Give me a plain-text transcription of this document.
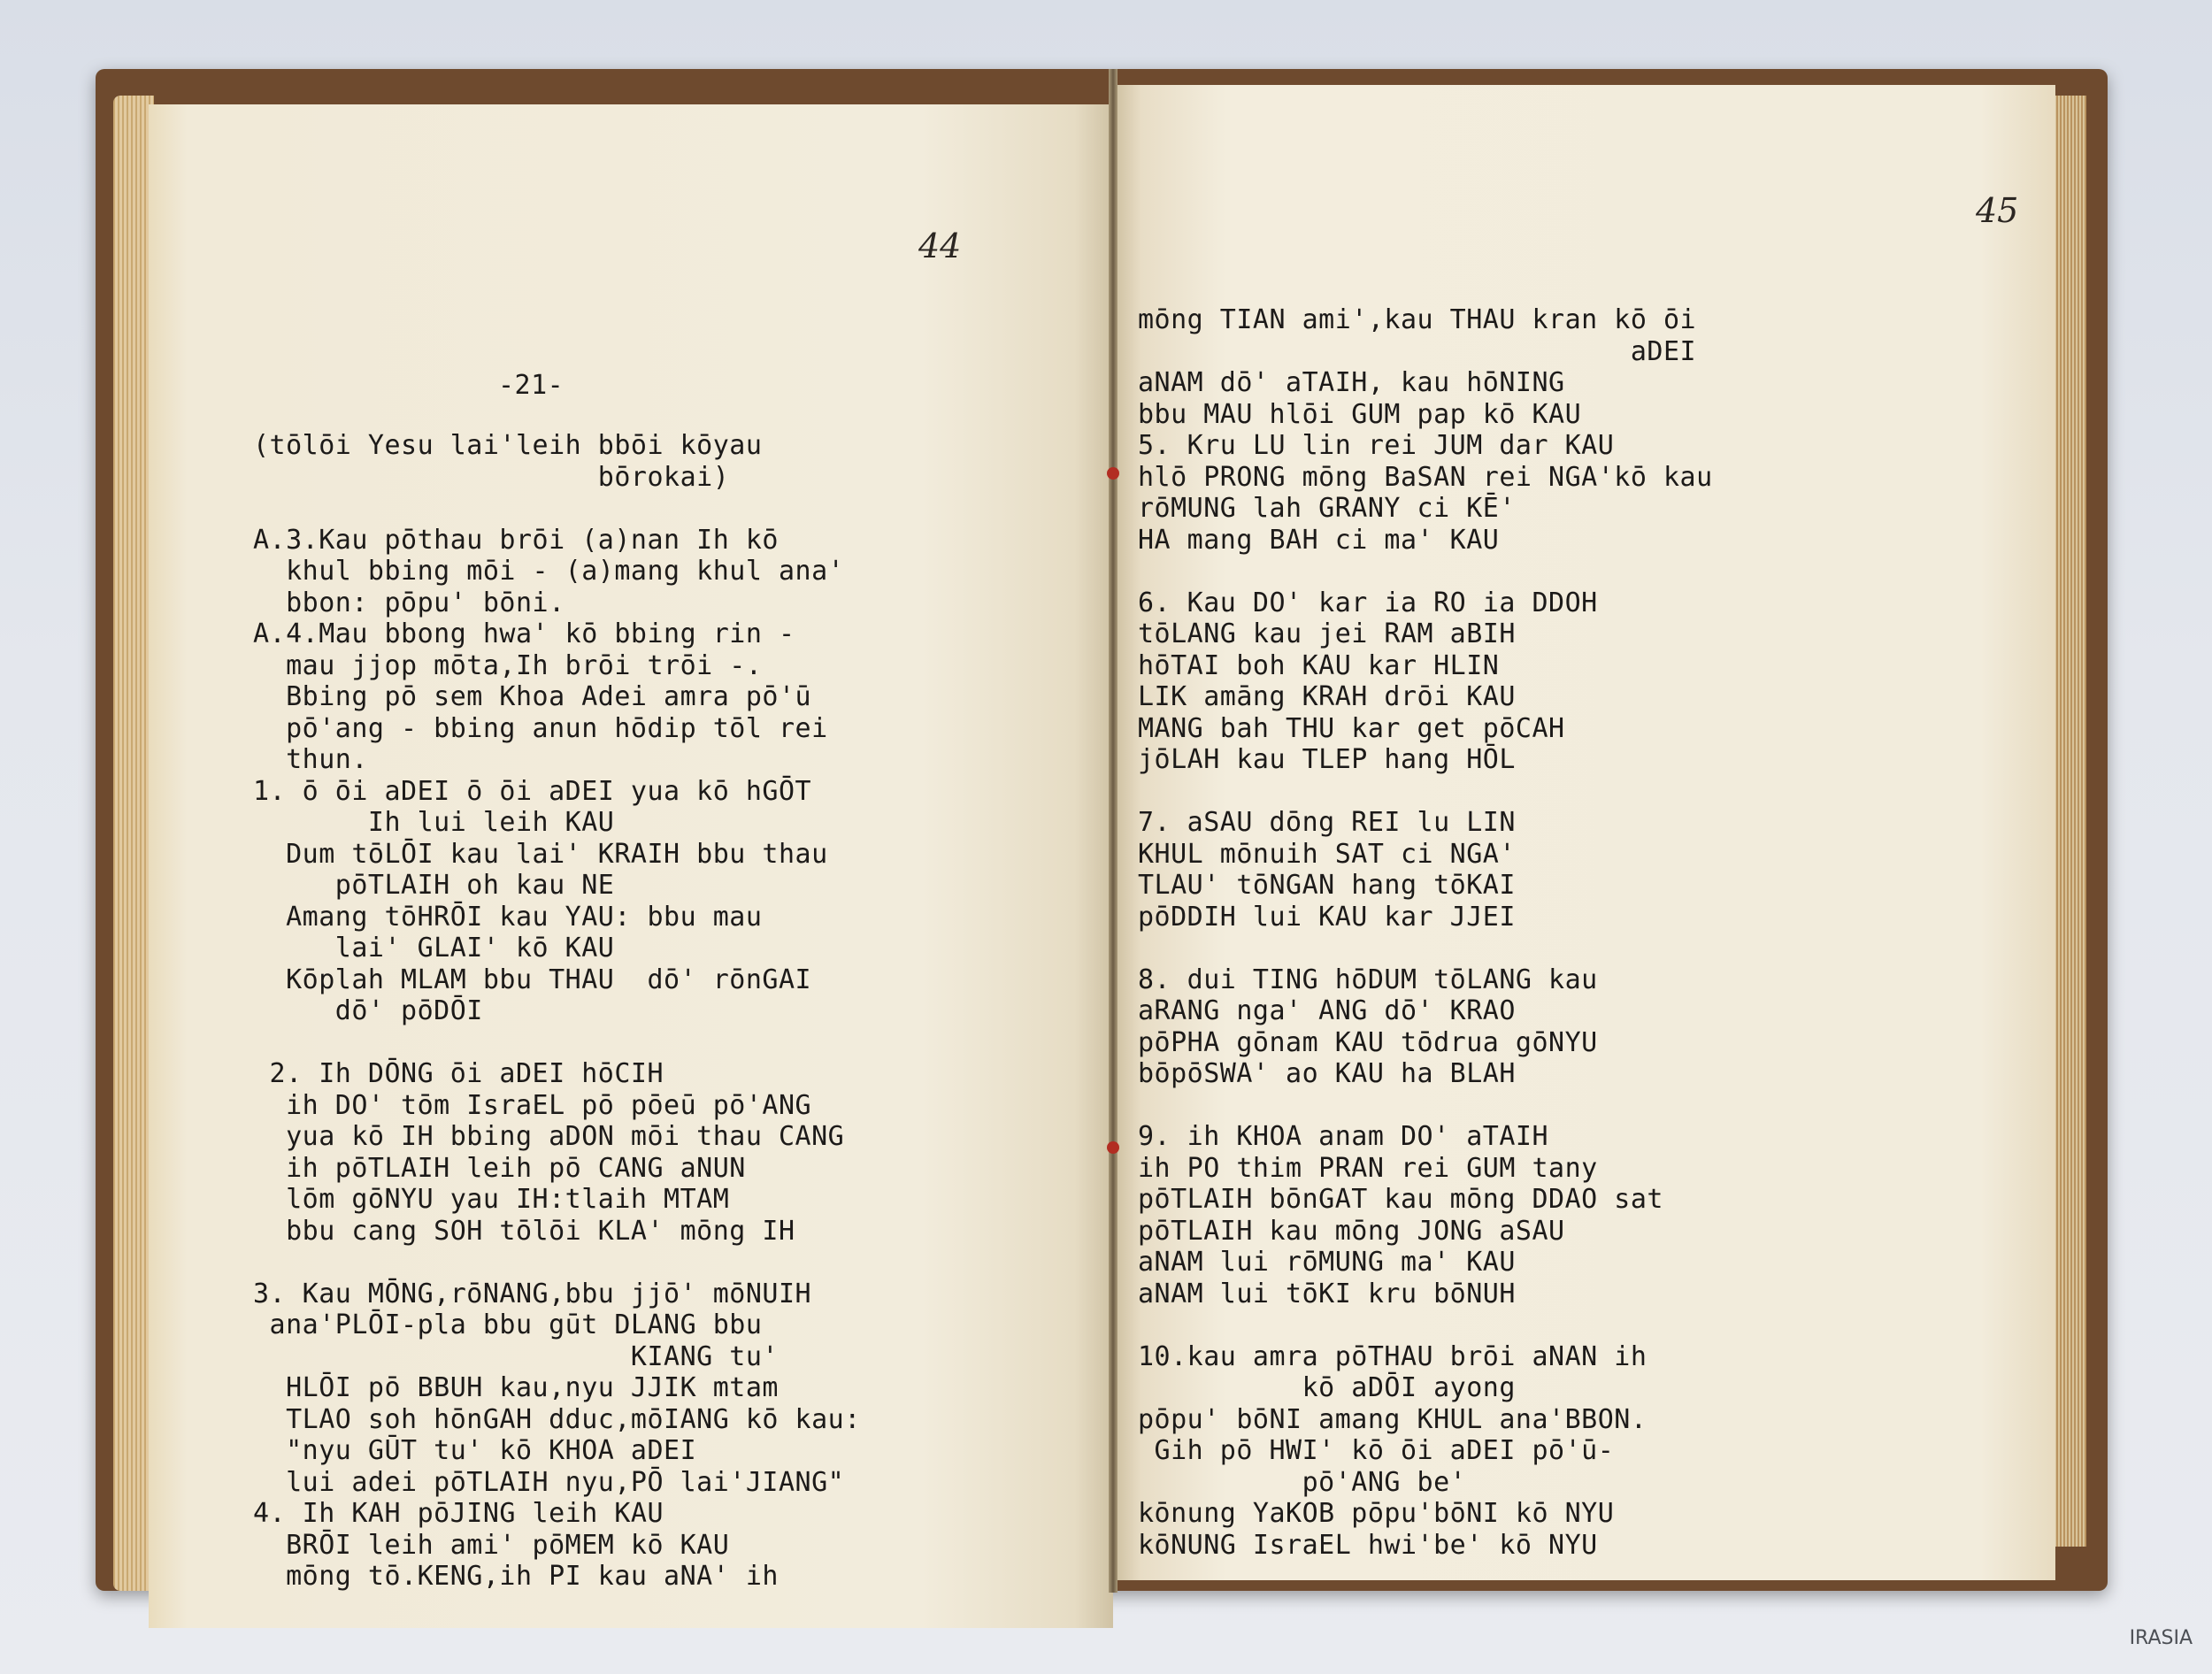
44
-21-
(tōlōi Yesu lai'leih bbōi kōyau
bōrokai)

A.3.Kau pōthau brōi (a)nan Ih kō
khul bbing mōi - (a)mang khul ana'
bbon: pōpu' bōni.
A.4.Mau bbong hwa' kō bbing rin -
mau jjop mōta,Ih brōi trōi -.
Bbing pō sem Khoa Adei amra pō'ū
pō'ang - bbing anun hōdip tōl rei
thun.
1. ō ōi aDEI ō ōi aDEI yua kō hGŌT
Ih lui leih KAU
Dum tōLŌI kau lai' KRAIH bbu thau
pōTLAIH oh kau NE
Amang tōHRŌI kau YAU: bbu mau
lai' GLAI' kō KAU
Kōplah MLAM bbu THAU  dō' rōnGAI
dō' pōDŌI

2. Ih DŌNG ōi aDEI hōCIH
ih DO' tōm IsraEL pō pōeū pō'ANG
yua kō IH bbing aDON mōi thau CANG
ih pōTLAIH leih pō CANG aNUN
lōm gōNYU yau IH:tlaih MTAM
bbu cang SOH tōlōi KLA' mōng IH

3. Kau MŌNG,rōNANG,bbu jjō' mōNUIH
ana'PLŌI-pla bbu gūt DLANG bbu
KIANG tu'
HLŌI pō BBUH kau,nyu JJIK mtam
TLAO soh hōnGAH dduc,mōIANG kō kau:
"nyu GŪT tu' kō KHOA aDEI
lui adei pōTLAIH nyu,PŌ lai'JIANG"
4. Ih KAH pōJING leih KAU
BRŌI leih ami' pōMEM kō KAU
mōng tō.KENG,ih PI kau aNA' ih
45
mōng TIAN ami',kau THAU kran kō ōi
aDEI
aNAM dō' aTAIH, kau hōNING
bbu MAU hlōi GUM pap kō KAU
5. Kru LU lin rei JUM dar KAU
hlō PRONG mōng BaSAN rei NGA'kō kau
rōMUNG lah GRANY ci KĒ'
HA mang BAH ci ma' KAU

6. Kau DO' kar ia RO ia DDOH
tōLANG kau jei RAM aBIH
hōTAI boh KAU kar HLIN
LIK amāng KRAH drōi KAU
MANG bah THU kar get pōCAH
jōLAH kau TLEP hang HŌL

7. aSAU dōng REI lu LIN
KHUL mōnuih SAT ci NGA'
TLAU' tōNGAN hang tōKAI
pōDDIH lui KAU kar JJEI

8. dui TING hōDUM tōLANG kau
aRANG nga' ANG dō' KRAO
pōPHA gōnam KAU tōdrua gōNYU
bōpōSWA' ao KAU ha BLAH

9. ih KHOA anam DO' aTAIH
ih PO thim PRAN rei GUM tany
pōTLAIH bōnGAT kau mōng DDAO sat
pōTLAIH kau mōng JONG aSAU
aNAM lui rōMUNG ma' KAU
aNAM lui tōKI kru bōNUH

10.kau amra pōTHAU brōi aNAN ih
kō aDŌI ayong
pōpu' bōNI amang KHUL ana'BBON.
Gih pō HWI' kō ōi aDEI pō'ū-
pō'ANG be'
kōnung YaKOB pōpu'bōNI kō NYU
kōNUNG IsraEL hwi'be' kō NYU
IRASIA
